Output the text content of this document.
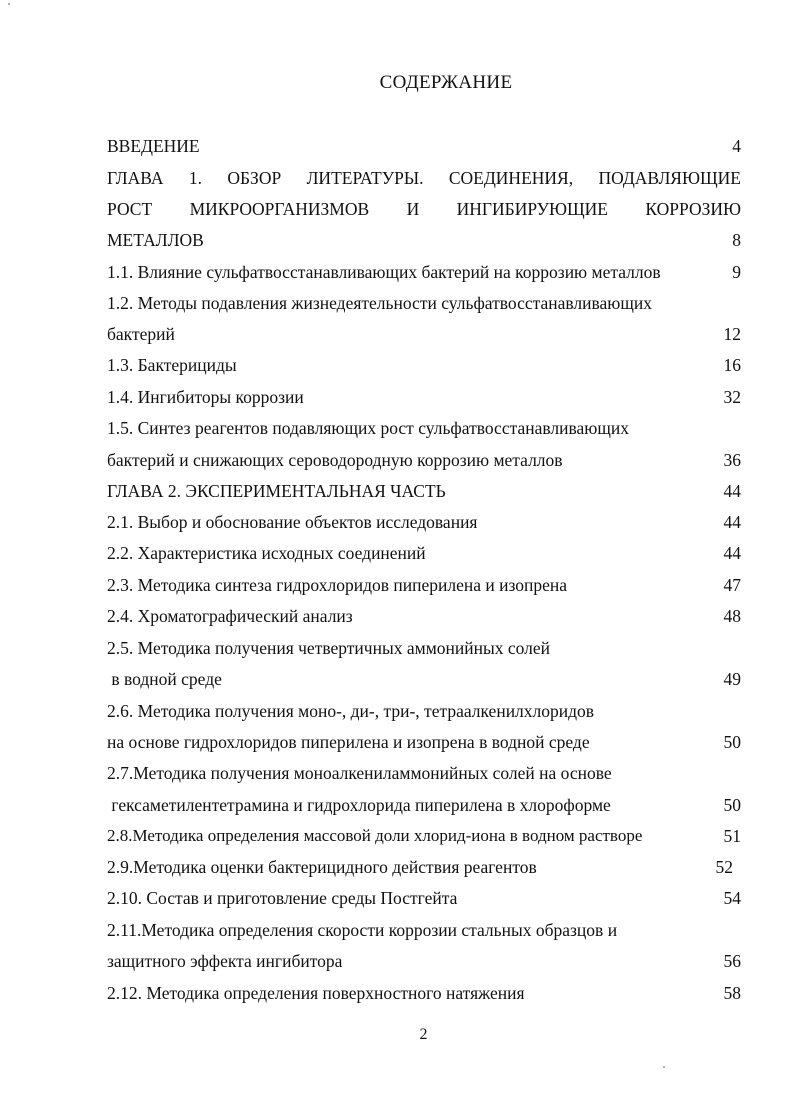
СОДЕРЖАНИЕ
ВВЕДЕНИЕ	4
ГЛАВА 1. ОБЗОР ЛИТЕРАТУРЫ. СОЕДИНЕНИЯ, ПОДАВЛЯЮЩИЕ
РОСТ МИКРООРГАНИЗМОВ И ИНГИБИРУЮЩИЕ КОРРОЗИЮ
МЕТАЛЛОВ	8
1.1. Влияние сульфатвосстанавливающих бактерий на коррозию металлов	9
1.2. Методы подавления жизнедеятельности сульфатвосстанавливающих
бактерий	12
1.3. Бактерициды	16
1.4. Ингибиторы коррозии	32
1.5. Синтез реагентов подавляющих рост сульфатвосстанавливающих
бактерий и снижающих сероводородную коррозию металлов	36
ГЛАВА 2. ЭКСПЕРИМЕНТАЛЬНАЯ ЧАСТЬ	44
2.1. Выбор и обоснование объектов исследования	44
2.2. Характеристика исходных соединений	44
2.3. Методика синтеза гидрохлоридов пиперилена и изопрена	47
2.4. Хроматографический анализ	48
2.5. Методика получения четвертичных аммонийных солей
в водной среде	49
2.6. Методика получения моно-, ди-, три-, тетраалкенилхлоридов
на основе гидрохлоридов пиперилена и изопрена в водной среде	50
2.7.Методика получения моноалкениламмонийных солей на основе
гексаметилентетрамина и гидрохлорида пиперилена в хлороформе	50
2.8.Методика определения массовой доли хлорид-иона в водном растворе	51
2.9.Методика оценки бактерицидного действия реагентов	52
2.10. Состав и приготовление среды Постгейта	54
2.11.Методика определения скорости коррозии стальных образцов и
защитного эффекта ингибитора	56
2.12. Методика определения поверхностного натяжения	58
2
